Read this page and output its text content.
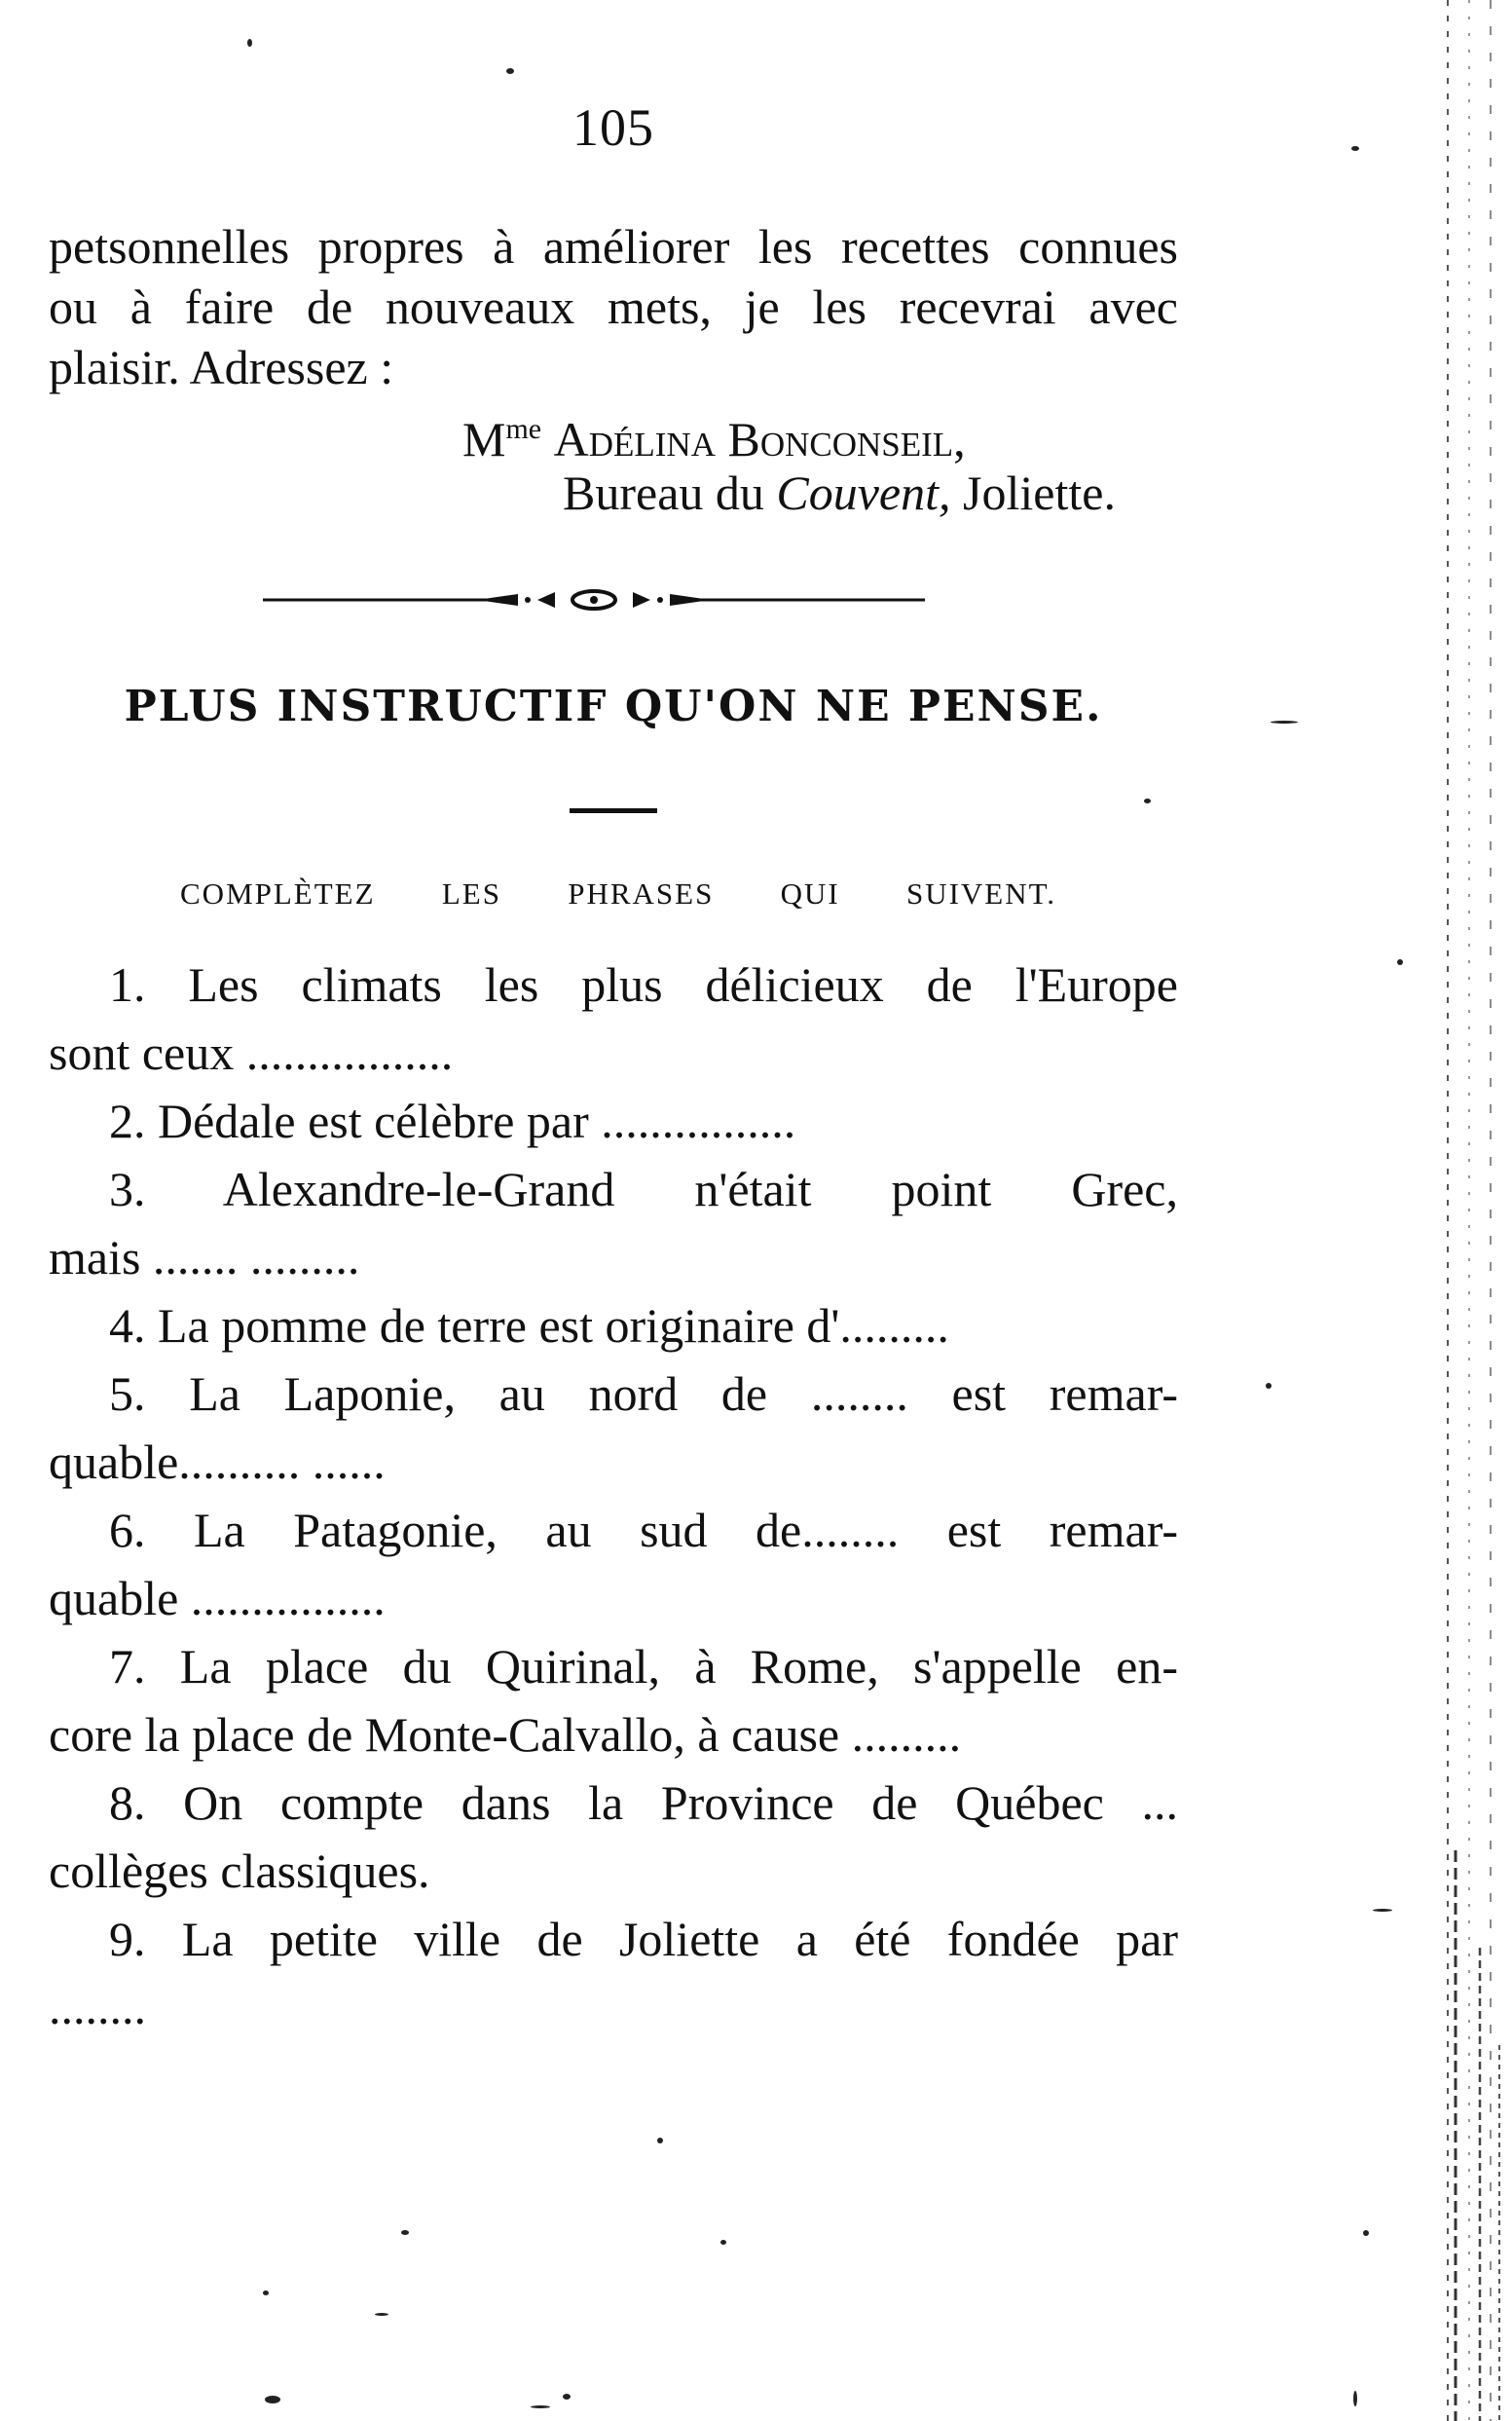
105
petsonnelles propres à améliorer les recettes connues
ou à faire de nouveaux mets, je les recevrai avec
plaisir. Adressez :
$M^{me}$ Adélina Bonconseil,
Bureau du Couvent, Joliette.
PLUS INSTRUCTIF QU'ON NE PENSE.
COMPLÈTEZ LES PHRASES QUI SUIVENT.
1. Les climats les plus délicieux de l'Europe
sont ceux .................
2. Dédale est célèbre par ................
3. Alexandre-le-Grand n'était point Grec,
mais ....... .........
4. La pomme de terre est originaire d'.........
5. La Laponie, au nord de ........ est remar-
quable.......... ......
6. La Patagonie, au sud de........ est remar-
quable ................
7. La place du Quirinal, à Rome, s'appelle en-
core la place de Monte-Calvallo, à cause .........
8. On compte dans la Province de Québec ...
collèges classiques.
9. La petite ville de Joliette a été fondée par
........
